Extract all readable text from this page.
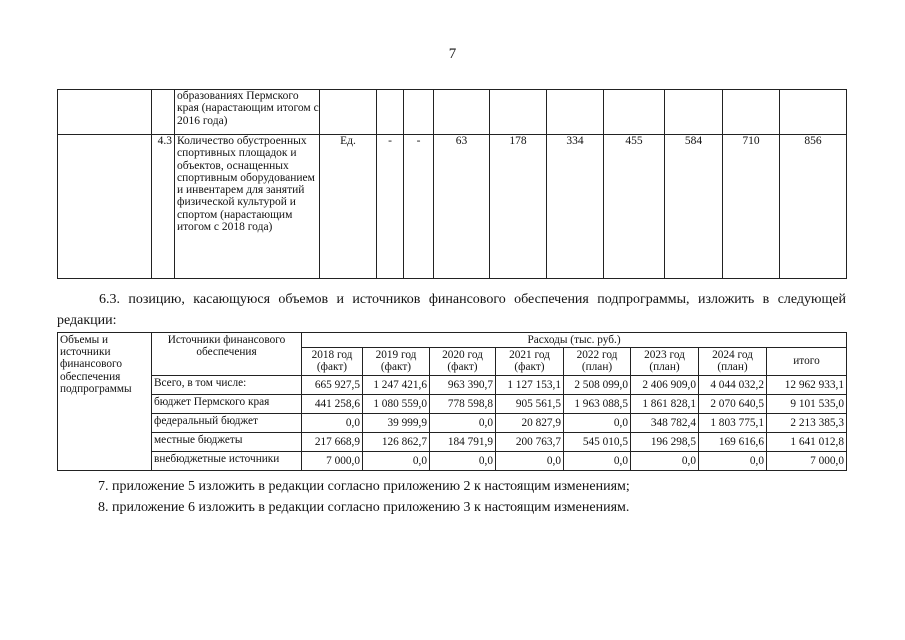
7
		образованиях Пермского края (нарастающим итогом с 2016 года)										
	4.3	Количество обустроенных спортивных площадок и объектов, оснащенных спортивным оборудованием и инвентарем для занятий физической культурой и спортом (нарастающим итогом с 2018 года)	Ед.	-	-	63	178	334	455	584	710	856
6.3. позицию, касающуюся объемов и источников финансового обеспечения подпрограммы, изложить в следующей редакции:
Объемы и источники финансового обеспечения подпрограммы	Источники финансового обеспечения	Расходы (тыс. руб.)							
		2018 год (факт)	2019 год (факт)	2020 год (факт)	2021 год (факт)	2022 год (план)	2023 год (план)	2024 год (план)	итого
	Всего, в том числе:	665 927,5	1 247 421,6	963 390,7	1 127 153,1	2 508 099,0	2 406 909,0	4 044 032,2	12 962 933,1
	бюджет Пермского края	441 258,6	1 080 559,0	778 598,8	905 561,5	1 963 088,5	1 861 828,1	2 070 640,5	9 101 535,0
	федеральный бюджет	0,0	39 999,9	0,0	20 827,9	0,0	348 782,4	1 803 775,1	2 213 385,3
	местные бюджеты	217 668,9	126 862,7	184 791,9	200 763,7	545 010,5	196 298,5	169 616,6	1 641 012,8
	внебюджетные источники	7 000,0	0,0	0,0	0,0	0,0	0,0	0,0	7 000,0
7. приложение 5 изложить в редакции согласно приложению 2 к настоящим изменениям;
8. приложение 6 изложить в редакции согласно приложению 3 к настоящим изменениям.
